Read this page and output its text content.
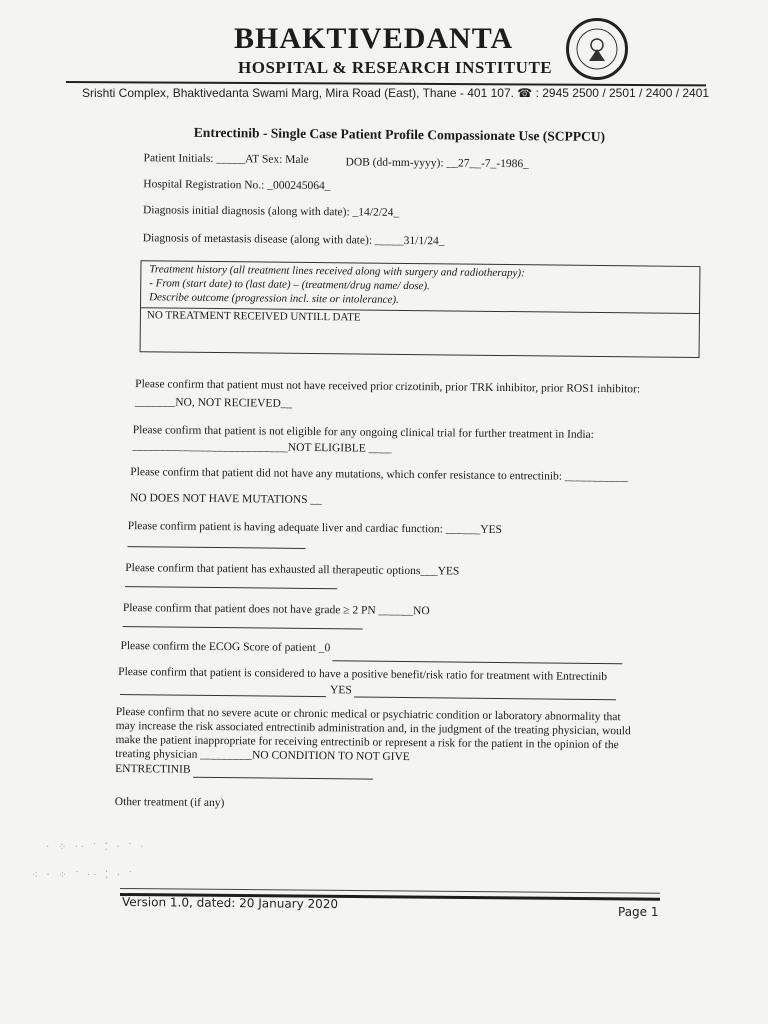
BHAKTIVEDANTA
HOSPITAL & RESEARCH INSTITUTE
Srishti Complex, Bhaktivedanta Swami Marg, Mira Road (East), Thane - 401 107. ☎ : 2945 2500 / 2501 / 2400 / 2401
Entrectinib - Single Case Patient Profile Compassionate Use (SCPPCU)
Patient Initials: _____AT Sex: Male	DOB (dd-mm-yyyy): __27__-7_-1986_
Hospital Registration No.: _000245064_
Diagnosis initial diagnosis (along with date): _14/2/24_
Diagnosis of metastasis disease (along with date): _____31/1/24_
Treatment history (all treatment lines received along with surgery and radiotherapy):
- From (start date) to (last date) – (treatment/drug name/ dose).
Describe outcome (progression incl. site or intolerance).
NO TREATMENT RECEIVED UNTILL DATE
Please confirm that patient must not have received prior crizotinib, prior TRK inhibitor, prior ROS1 inhibitor:
_______NO, NOT RECIEVED__
Please confirm that patient is not eligible for any ongoing clinical trial for further treatment in India:
___________________________NOT ELIGIBLE ____
Please confirm that patient did not have any mutations, which confer resistance to entrectinib: ___________
NO DOES NOT HAVE MUTATIONS __
Please confirm patient is having adequate liver and cardiac function: ______YES
Please confirm that patient has exhausted all therapeutic options___YES
Please confirm that patient does not have grade ≥ 2 PN ______NO
Please confirm the ECOG Score of patient _0
Please confirm that patient is considered to have a positive benefit/risk ratio for treatment with Entrectinib
YES
Please confirm that no severe acute or chronic medical or psychiatric condition or laboratory abnormality that
may increase the risk associated entrectinib administration and, in the judgment of the treating physician, would
make the patient inappropriate for receiving entrectinib or represent a risk for the patient in the opinion of the
treating physician _________NO CONDITION TO NOT GIVE
ENTRECTINIB
Other treatment (if any)
· ⁘ ·· ˙ ⁚ · ˙ ·
⁖ · ⁘ ˙ ·· ⁚ · ˙
Version 1.0, dated: 20 January 2020
Page 1
